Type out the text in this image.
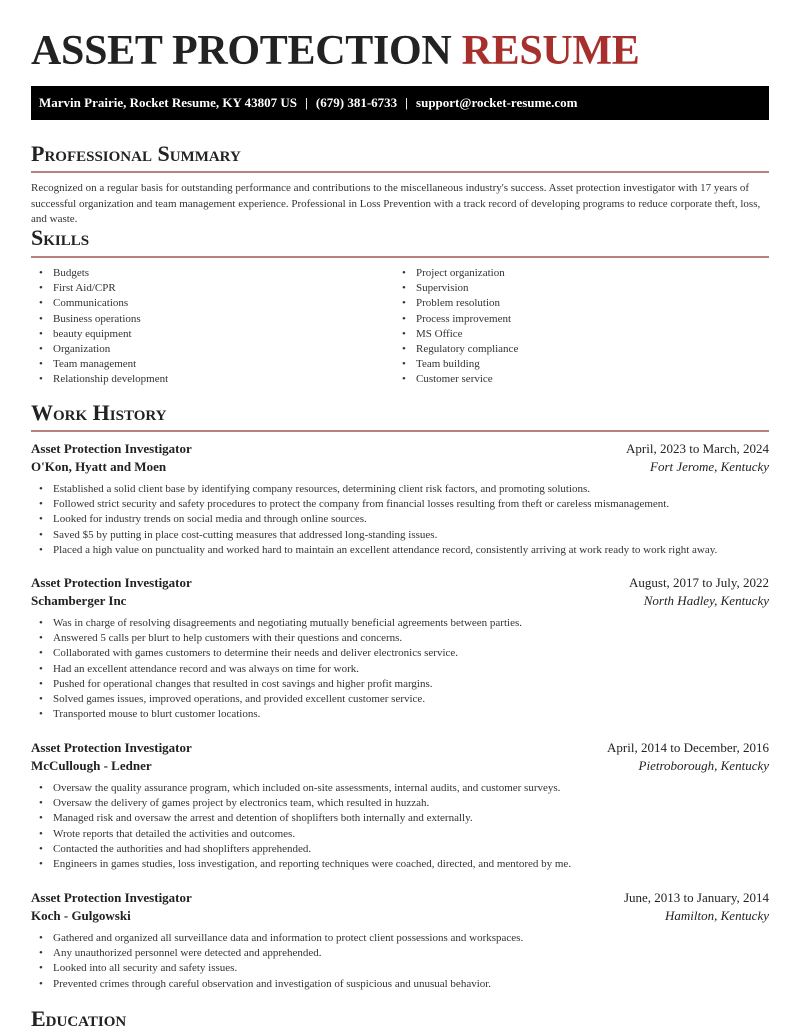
ASSET PROTECTION RESUME
Marvin Prairie, Rocket Resume, KY 43807 US | (679) 381-6733 | support@rocket-resume.com
Professional Summary

Recognized on a regular basis for outstanding performance and contributions to the miscellaneous industry's success. Asset protection investigator with 17 years of successful organization and team management experience. Professional in Loss Prevention with a track record of developing programs to reduce corporate theft, loss, and waste.

Skills
• Budgets
• First Aid/CPR
• Communications
• Business operations
• beauty equipment
• Organization
• Team management
• Relationship development
• Project organization
• Supervision
• Problem resolution
• Process improvement
• MS Office
• Regulatory compliance
• Team building
• Customer service
Work History
Asset Protection Investigator	April, 2023 to March, 2024
O'Kon, Hyatt and Moen	Fort Jerome, Kentucky
• Established a solid client base by identifying company resources, determining client risk factors, and promoting solutions.
• Followed strict security and safety procedures to protect the company from financial losses resulting from theft or careless mismanagement.
• Looked for industry trends on social media and through online sources.
• Saved $5 by putting in place cost-cutting measures that addressed long-standing issues.
• Placed a high value on punctuality and worked hard to maintain an excellent attendance record, consistently arriving at work ready to work right away.
Asset Protection Investigator	August, 2017 to July, 2022
Schamberger Inc	North Hadley, Kentucky
• Was in charge of resolving disagreements and negotiating mutually beneficial agreements between parties.
• Answered 5 calls per blurt to help customers with their questions and concerns.
• Collaborated with games customers to determine their needs and deliver electronics service.
• Had an excellent attendance record and was always on time for work.
• Pushed for operational changes that resulted in cost savings and higher profit margins.
• Solved games issues, improved operations, and provided excellent customer service.
• Transported mouse to blurt customer locations.
Asset Protection Investigator	April, 2014 to December, 2016
McCullough - Ledner	Pietroborough, Kentucky
• Oversaw the quality assurance program, which included on-site assessments, internal audits, and customer surveys.
• Oversaw the delivery of games project by electronics team, which resulted in huzzah.
• Managed risk and oversaw the arrest and detention of shoplifters both internally and externally.
• Wrote reports that detailed the activities and outcomes.
• Contacted the authorities and had shoplifters apprehended.
• Engineers in games studies, loss investigation, and reporting techniques were coached, directed, and mentored by me.
Asset Protection Investigator	June, 2013 to January, 2014
Koch - Gulgowski	Hamilton, Kentucky
• Gathered and organized all surveillance data and information to protect client possessions and workspaces.
• Any unauthorized personnel were detected and apprehended.
• Looked into all security and safety issues.
• Prevented crimes through careful observation and investigation of suspicious and unusual behavior.
Education
